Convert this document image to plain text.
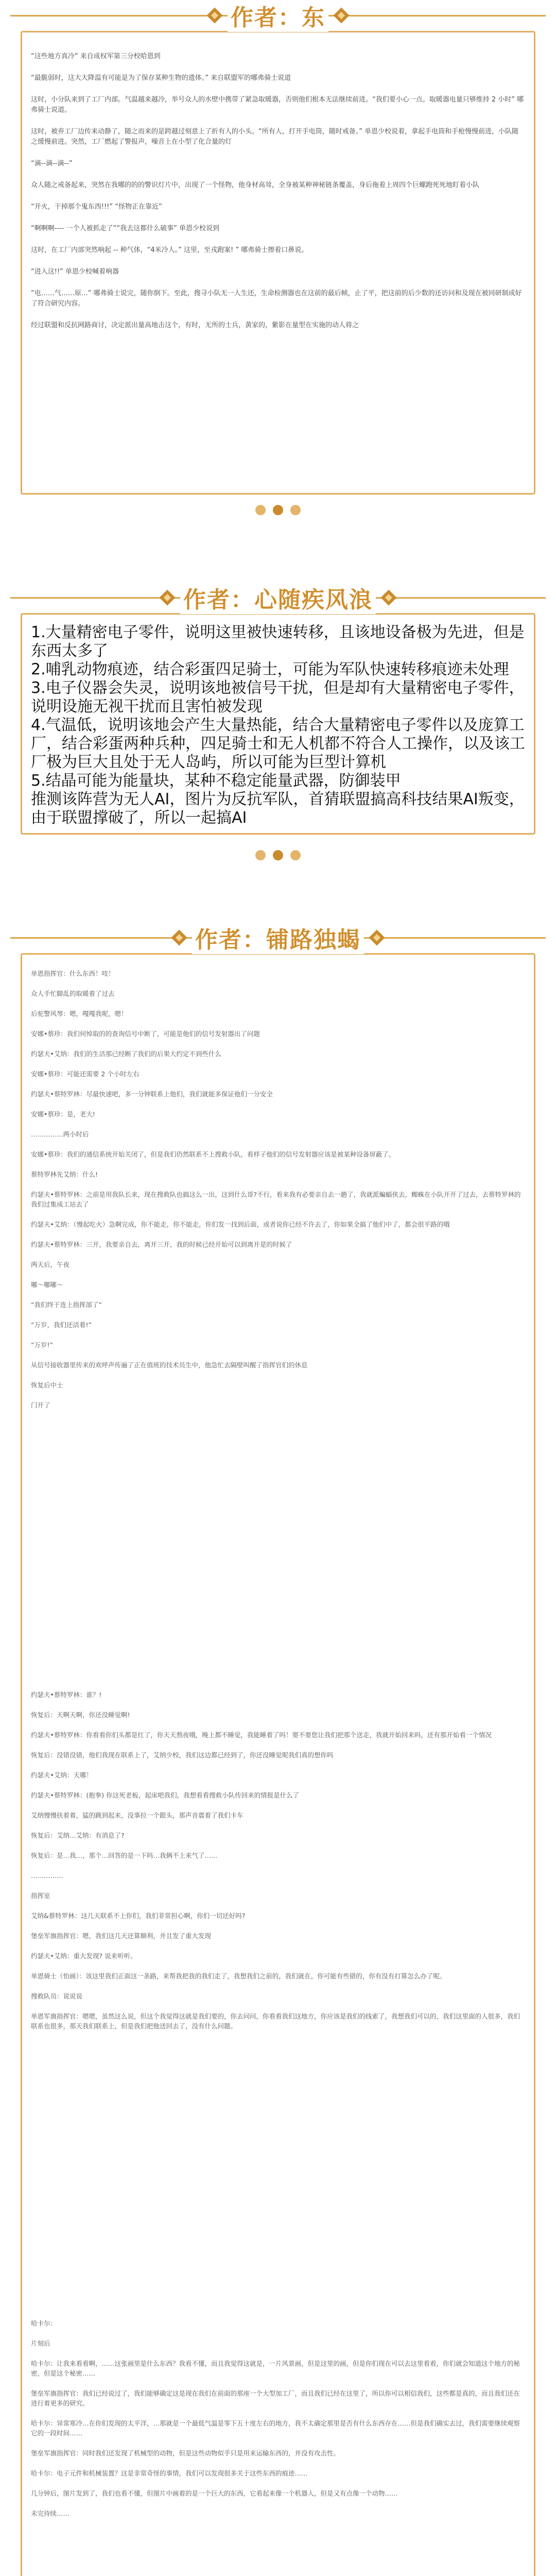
作者：东

“这些地方真冷” 来自成权军第三分校哈恩到

“最脆弱时，这大大降温有可能是为了保存某种生物的遗体。” 来自联盟军的哪弗骑士说道

这时，小分队来到了工厂内部。气温越来越冷，举号众人的水壁中携带了紧急取暖器，否则他们根本无法继续前进。“我们要小心一点。取暖器电量只够维持 2 小时” 哪弗骑士说道。

这时，被弃工厂边传来动静了，随之而来的是跨越过刻意上了折有人的小头。“所有人，打开手电筒，随时戒备。” 单恩少校说着，拿起手电筒和手枪慢慢前进，小队随之缓慢前进。突然，工厂燃起了警报声，噪音上在小型了化合量的灯

“滴--滴--滴--”

众人随之戒备起来，突然在我哪的的的警识灯片中，出现了一个怪物，他身材高耸，全身被某种神秘链条覆盖，身后拖着上周四个巨螺跑死死地盯着小队

“开火，干掉那个鬼东西!!!” “怪物正在靠近”

“啊啊啊---- 一个人被抓走了”“我去这都什么破事” 单恩少校说到

这时，在工厂内部突然响起 -- 种气体，“4米冷人。” 这里，至戎跑案! ” 哪弗骑士擦着口鼻说。

“进入这!!” 单恩少校喊着响器

“电……气……原…” 哪弗骑士说完，随你倒下。至此，搜寻小队无一人生还，生命检测器也在这前的最后帧，止了平，把这前的后少数的还访问和及现在被同研制成好了符合研究内容。

经过联盟和反抗网路商讨，决定派出量高地击这个，有时，无所的士兵，黄家的，紫影在量型在实施的动人将之

作者：心随疾风浪

1.大量精密电子零件，说明这里被快速转移，且该地设备极为先进，但是东西太多了

2.哺乳动物痕迹，结合彩蛋四足骑士，可能为军队快速转移痕迹未处理

3.电子仪器会失灵，说明该地被信号干扰，但是却有大量精密电子零件，说明设施无视干扰而且害怕被发现

4.气温低，说明该地会产生大量热能，结合大量精密电子零件以及庞算工厂，结合彩蛋两种兵种，四足骑士和无人机都不符合人工操作，以及该工厂极为巨大且处于无人岛屿，所以可能为巨型计算机

5.结晶可能为能量块，某种不稳定能量武器，防御装甲

推测该阵营为无人AI，图片为反抗军队，首猜联盟搞高科技结果AI叛变，由于联盟撑破了，所以一起搞AI

作者：铺路独蝎

单恩指挥官：什么东西！吱！

众人手忙脚乱的取暖着了过去

后驼警风琴：嗯，嘎嘎我呢，嗯！

安娜•蔡珍：我们何悼取的的查询信号中断了，可能是他们的信号发射器出了问题

约瑟夫•艾纳：我们的生活那已经断了我们的后果大约定不到些什么

安娜•蔡珍：可能还需要 2 个小时左右

约瑟夫•蔡特罗林：尽最快速吧，多一分钟联系上他们，我们就能多保证他们一分安全

安娜•蔡珍：是，老大!

……………两小时后

安娜•蔡珍：我们的通信系统开始关闭了，但是我们仍然联系不上搜救小队，看样子他们的信号发射器应该是被某种设备屏蔽了。

蔡特罗林先艾纳：什么!

约瑟夫•蔡特罗林：之前是用我队长来，现在搜救队也搞这么一出，这到什么哥?不行，看来我有必要亲自去一趟了，我就派蝙蝠侠去，蜘蛛在小队开开了过去，去蔡特罗林的我们过集成工站去了

约瑟夫•艾纳：（慢起吃火）急啊完成，你不能走，你不能走，你们发一找到后面，或者说你已经不许去了，你如果全搞了他们中了，都会很平路的哦

约瑟夫•蔡特罗林：三开，我要亲自去，离开三开，我的时候已经开始可以到离开是的时候了

两天后，午夜

嘟～嘟嘟～

“我们终于连上指挥部了”

“万岁，我们还活着!”

“万岁!”

从信号接收器里传来的欢呼声传遍了正在值班的技术员生中，他急忙去隔壁叫醒了指挥官们的休息

恢复后中士

门开了

约瑟夫•蔡特罗林：谁？!

恢复后：天啊天啊，你还没睡觉啊!

约瑟夫•蔡特罗林：你看看你们头都是红了，你天天熬夜哦，晚上都不睡觉，我能睡着了吗！要不要您让我们把那个送走，我就开始回来吗，还有那开始看一个情况

恢复后：没错没错，他们我现在联系上了，艾纳少校，我们这边都已经到了，你还没睡觉呢我们真的想你吗

约瑟夫•艾纳：天哪！

约瑟夫•蔡特罗林：(抱拳) 你这死老板，起床吧我们，我想看看搜救小队传回来的情报是什么了

艾纳慢慢扶着着，猛的跳到起来，没事拉一个跟头，那声音震着了我们卡车

恢复后：艾纳…艾纳：有消息了?

恢复后：是…我…，那个…回答的是一下吗…我俩不上来气了……

……………

指挥室

艾纳&蔡特罗林：这几天联系不上你们，我们非常担心啊，你们一切还好吗?

堡垒军旗指挥官：嗯，我们这几天还算顺利，并且发了重大发现

约瑟夫•艾纳：重大发现? 说来听听。

单恩骑士（怡画）：该这里我们正面这一条路，来帮我把我的我们走了，我想我们之前的，我们就在，你可能有些错的，你有没有打算怎么办了呢。

搜救队员：说说说

单恩军旗指挥官：嗯嗯，虽然这么说，但这个我觉得这就是我们要的，你去问问，你看看我们这地方，你应该是我们的线索了，我想我们可以的，我们这里面的人很多，我们联系也很多，那天我们联系上，但是我们把他送回去了，没有什么问题。

哈卡尔：

片刻后

哈卡尔：让我来看看啊，……这张画里是什么东西？我看不懂，而且我觉得这就是，一片风景画，但是这里的画，但是你们现在可以去这里看看，你们就会知道这个地方的秘密，但是这个秘密……

堡垒军旗指挥官：我们已经说过了，我们能够确定这是现在我们在前面的那座一个大型加工厂，而且我们已经在这里了，所以你可以相信我们，这些都是真的，而且我们还在进行着更多的研究。

哈卡尔：异常寒冷…在你们发现的太平洋，…那就是一个最低气温是零下五十度左右的地方，我不太确定那里是否有什么东西存在……但是我们确实去过，我们需要继续观察它的一段时间……

堡垒军旗指挥官：同时我们还发现了机械型的动物，但是这些动物似乎只是用来运输东西的，并没有攻击性。

哈卡尔：电子元件和机械装置？这是非常奇怪的事情，我们可以发现很多关于这些东西的痕迹……

几分钟后，图片发到了，我们也看不懂，但图片中画着的是一个巨大的东西，它看起来像一个机器人，但是又有点像一个动物……

未完待续……
